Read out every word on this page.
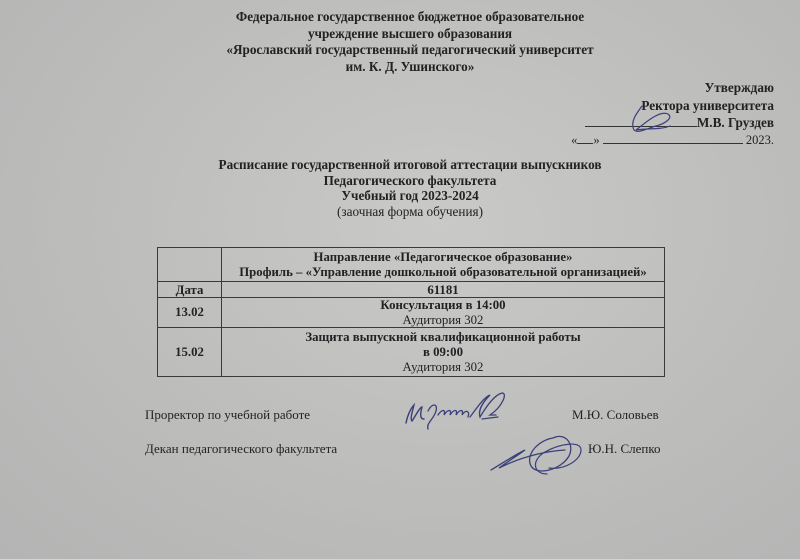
Федеральное государственное бюджетное образовательное
учреждение высшего образования
«Ярославский государственный педагогический университет
им. К. Д. Ушинского»
Утверждаю
Ректора университета
М.В. Груздев
« »	2023.
Расписание государственной итоговой аттестации выпускников
Педагогического факультета
Учебный год 2023-2024
(заочная форма обучения)

	Направление «Педагогическое образование»
Профиль – «Управление дошкольной образовательной организацией»

Дата	61181
13.02	Консультация в 14:00
Аудитория 302

15.02	Защита выпускной квалификационной работы
в 09:00
Аудитория 302
Проректор по учебной работе	М.Ю. Соловьев
Декан педагогического факультета	Ю.Н. Слепко
